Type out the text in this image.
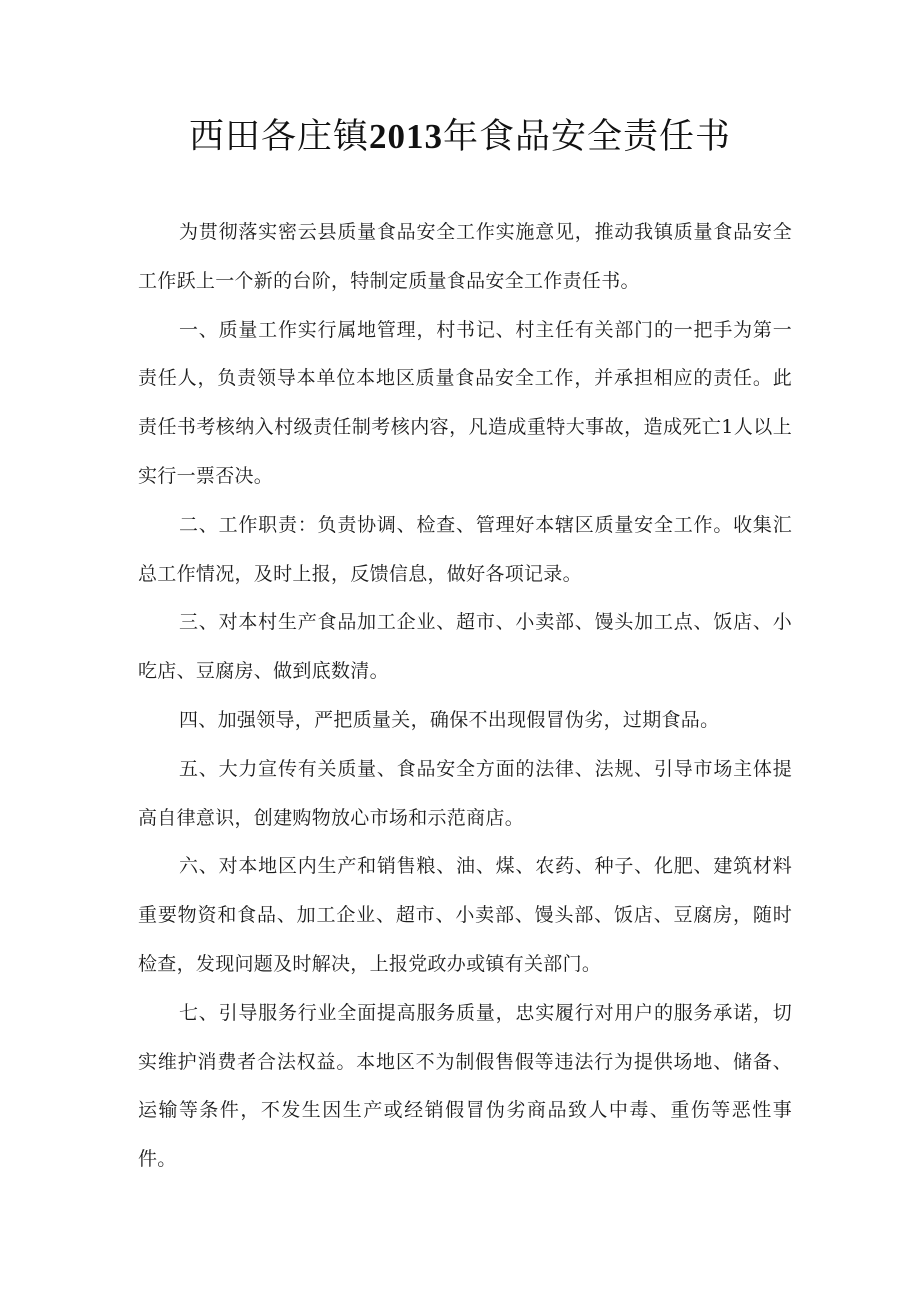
西田各庄镇2013年食品安全责任书

为贯彻落实密云县质量食品安全工作实施意见，推动我镇质量食品安全工作跃上一个新的台阶，特制定质量食品安全工作责任书。

一、质量工作实行属地管理，村书记、村主任有关部门的一把手为第一责任人，负责领导本单位本地区质量食品安全工作，并承担相应的责任。此责任书考核纳入村级责任制考核内容，凡造成重特大事故，造成死亡1人以上实行一票否决。

二、工作职责：负责协调、检查、管理好本辖区质量安全工作。收集汇总工作情况，及时上报，反馈信息，做好各项记录。

三、对本村生产食品加工企业、超市、小卖部、馒头加工点、饭店、小吃店、豆腐房、做到底数清。

四、加强领导，严把质量关，确保不出现假冒伪劣，过期食品。

五、大力宣传有关质量、食品安全方面的法律、法规、引导市场主体提高自律意识，创建购物放心市场和示范商店。

六、对本地区内生产和销售粮、油、煤、农药、种子、化肥、建筑材料重要物资和食品、加工企业、超市、小卖部、馒头部、饭店、豆腐房，随时检查，发现问题及时解决，上报党政办或镇有关部门。

七、引导服务行业全面提高服务质量，忠实履行对用户的服务承诺，切实维护消费者合法权益。本地区不为制假售假等违法行为提供场地、储备、运输等条件，不发生因生产或经销假冒伪劣商品致人中毒、重伤等恶性事件。
